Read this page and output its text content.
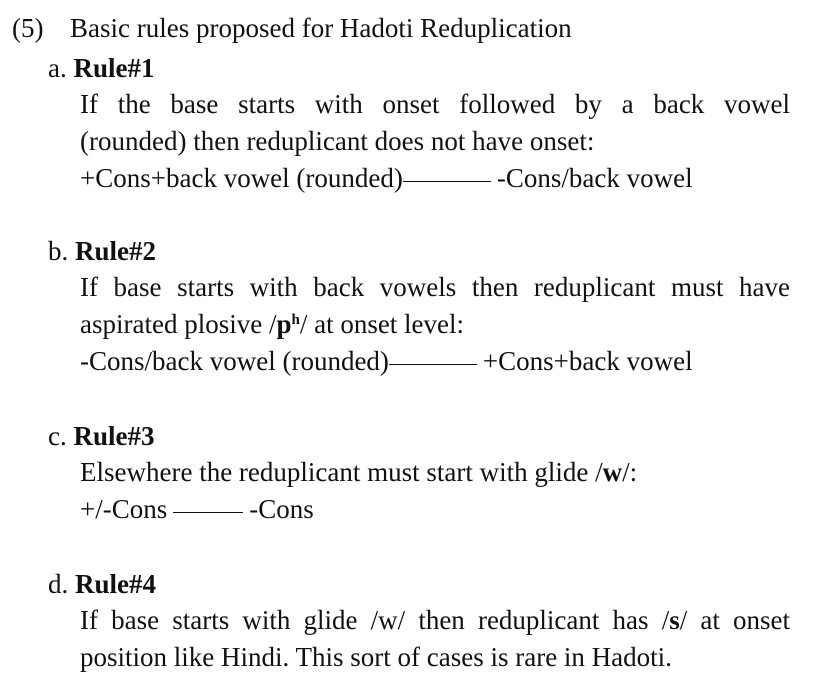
(5) Basic rules proposed for Hadoti Reduplication
a. Rule#1
If the base starts with onset followed by a back vowel
(rounded) then reduplicant does not have onset:
+Cons+back vowel (rounded)	-Cons/back vowel
b. Rule#2
If base starts with back vowels then reduplicant must have
aspirated plosive $/p^h/$ at onset level:
-Cons/back vowel (rounded)	+Cons+back vowel
c. Rule#3
Elsewhere the reduplicant must start with glide /w/:
+/-Cons	-Cons
d. Rule#4
If base starts with glide /w/ then reduplicant has /s/ at onset
position like Hindi. This sort of cases is rare in Hadoti.
